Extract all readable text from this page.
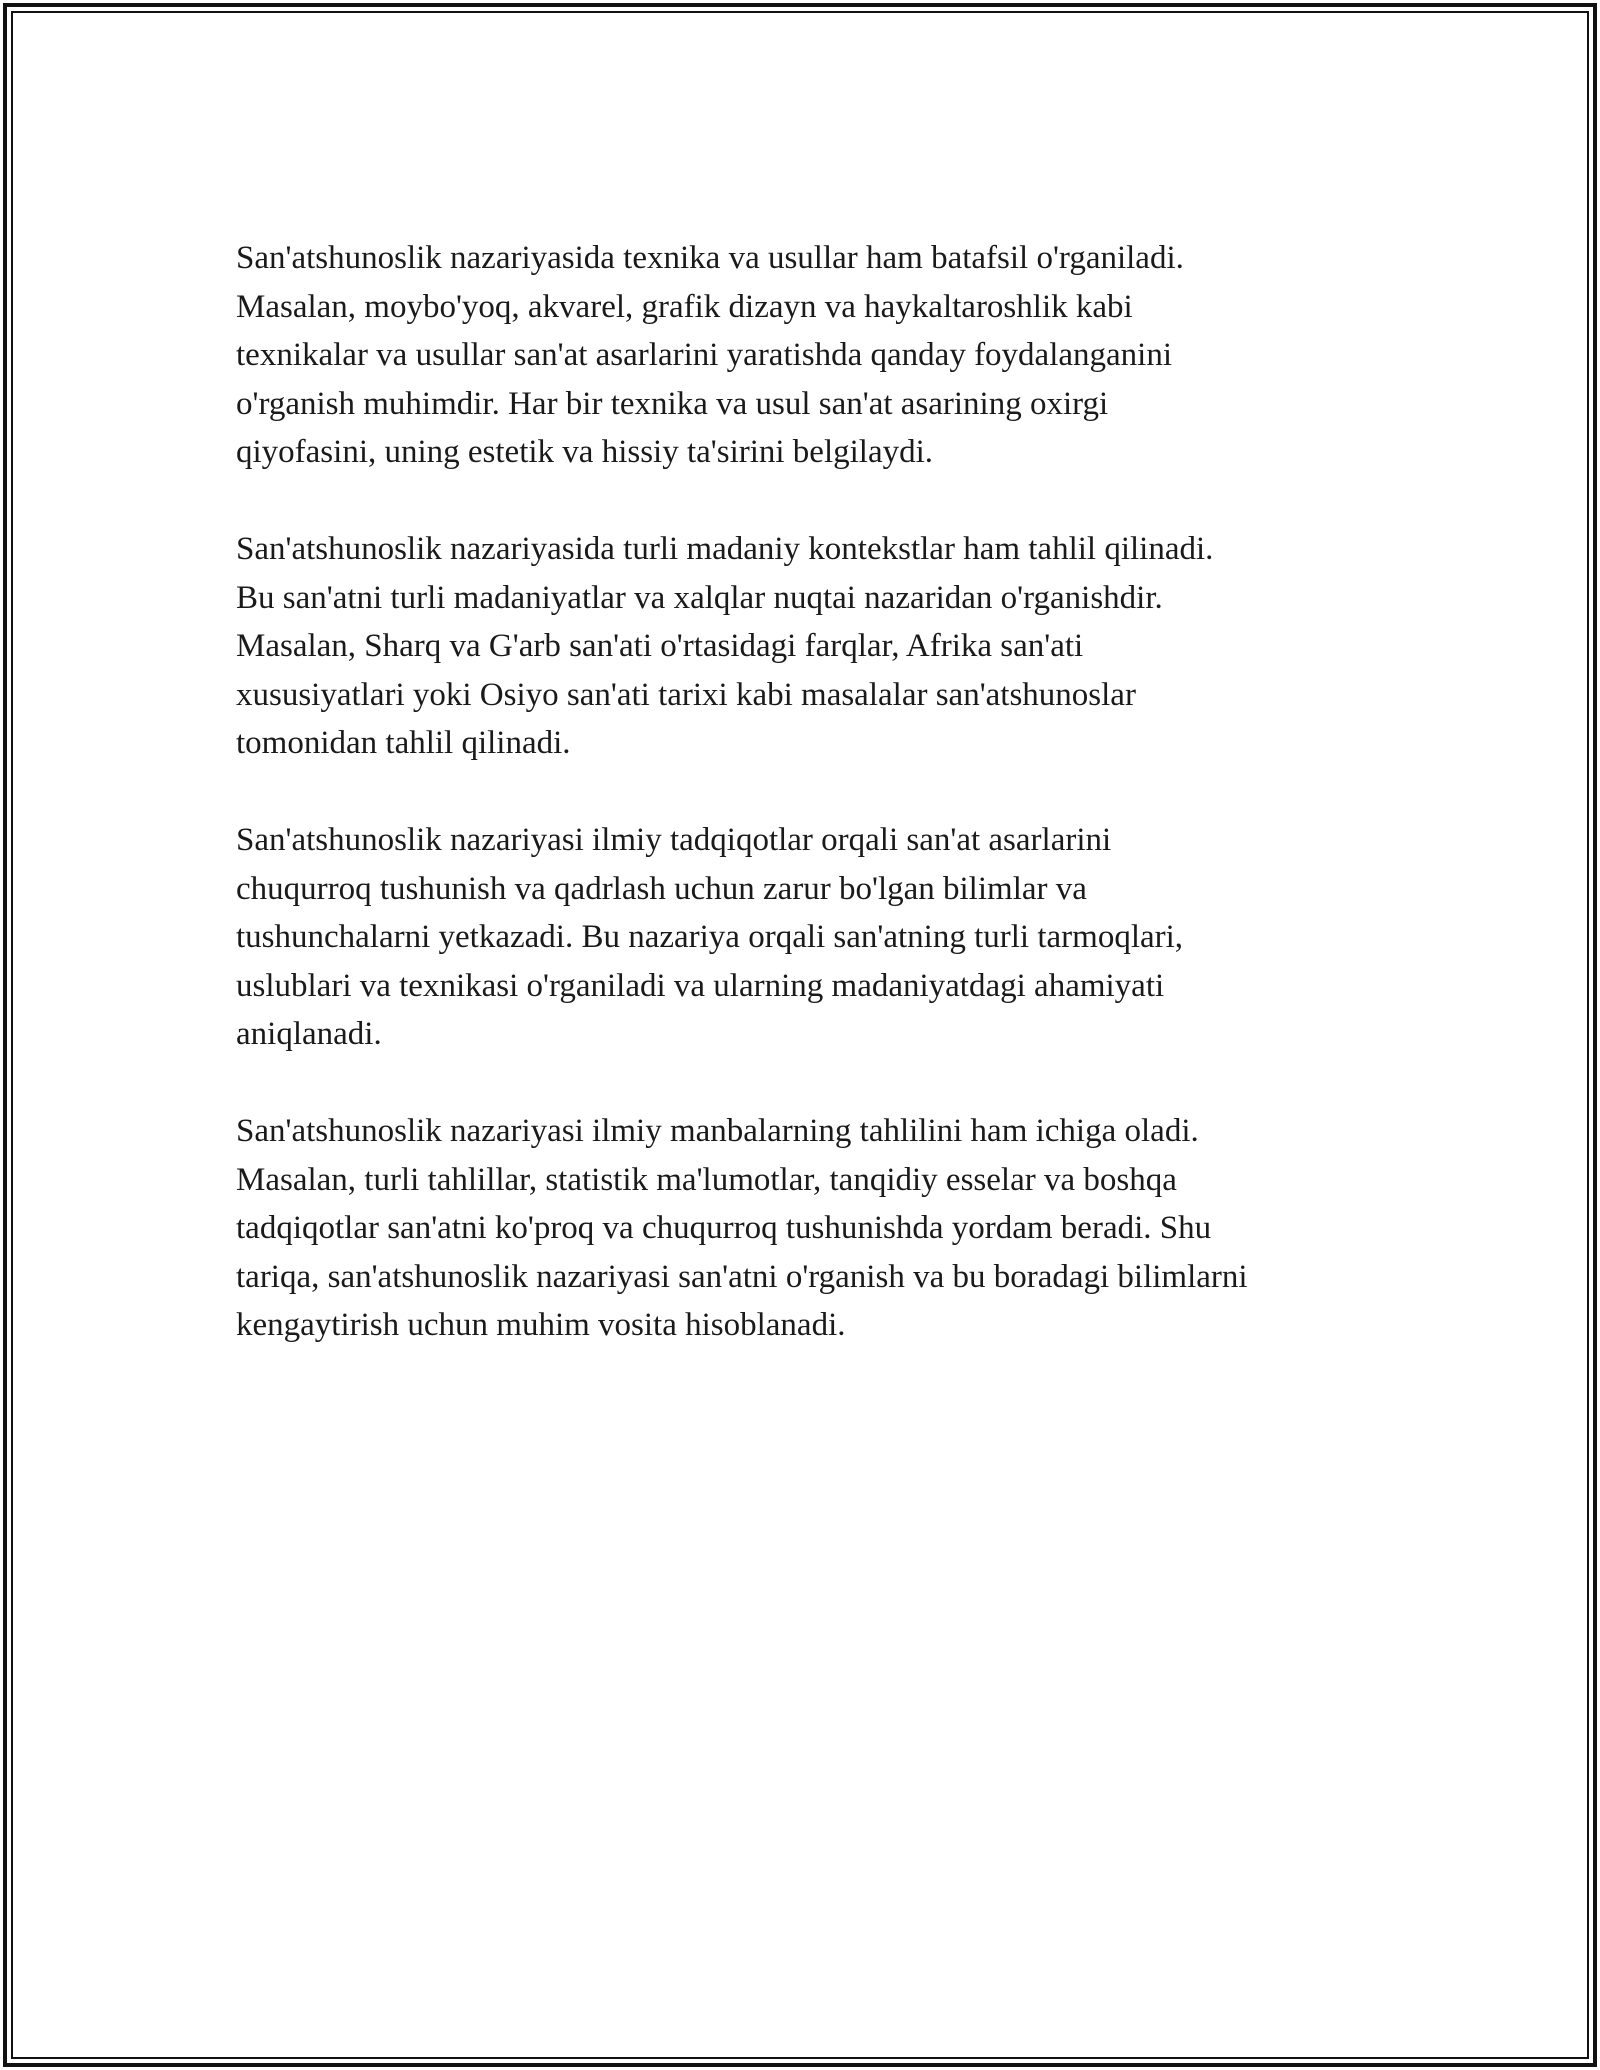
San'atshunoslik nazariyasida texnika va usullar ham batafsil o'rganiladi.
Masalan, moybo'yoq, akvarel, grafik dizayn va haykaltaroshlik kabi
texnikalar va usullar san'at asarlarini yaratishda qanday foydalanganini
o'rganish muhimdir. Har bir texnika va usul san'at asarining oxirgi
qiyofasini, uning estetik va hissiy ta'sirini belgilaydi.

San'atshunoslik nazariyasida turli madaniy kontekstlar ham tahlil qilinadi.
Bu san'atni turli madaniyatlar va xalqlar nuqtai nazaridan o'rganishdir.
Masalan, Sharq va G'arb san'ati o'rtasidagi farqlar, Afrika san'ati
xususiyatlari yoki Osiyo san'ati tarixi kabi masalalar san'atshunoslar
tomonidan tahlil qilinadi.

San'atshunoslik nazariyasi ilmiy tadqiqotlar orqali san'at asarlarini
chuqurroq tushunish va qadrlash uchun zarur bo'lgan bilimlar va
tushunchalarni yetkazadi. Bu nazariya orqali san'atning turli tarmoqlari,
uslublari va texnikasi o'rganiladi va ularning madaniyatdagi ahamiyati
aniqlanadi.

San'atshunoslik nazariyasi ilmiy manbalarning tahlilini ham ichiga oladi.
Masalan, turli tahlillar, statistik ma'lumotlar, tanqidiy esselar va boshqa
tadqiqotlar san'atni ko'proq va chuqurroq tushunishda yordam beradi. Shu
tariqa, san'atshunoslik nazariyasi san'atni o'rganish va bu boradagi bilimlarni
kengaytirish uchun muhim vosita hisoblanadi.
